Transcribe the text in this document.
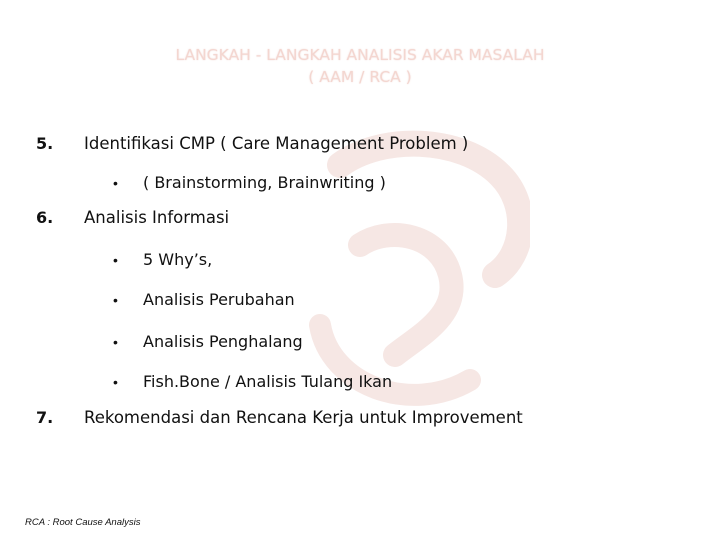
LANGKAH - LANGKAH ANALISIS AKAR MASALAH
( AAM / RCA )
5. Identifikasi CMP ( Care Management Problem )
• ( Brainstorming, Brainwriting )
6. Analisis Informasi
• 5 Why’s,
• Analisis Perubahan
• Analisis Penghalang
• Fish.Bone / Analisis Tulang Ikan
7. Rekomendasi dan Rencana Kerja untuk Improvement
RCA : Root Cause Analysis
